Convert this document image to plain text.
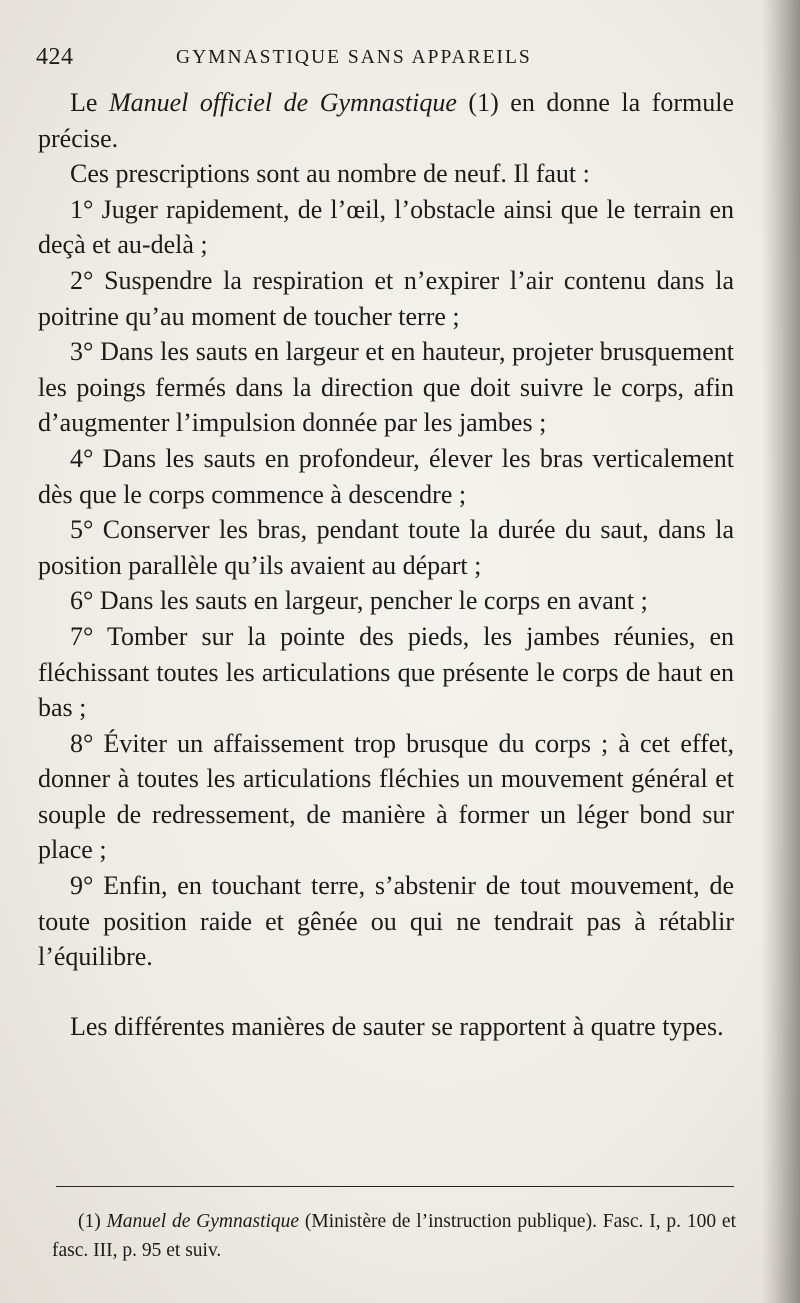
424	GYMNASTIQUE SANS APPAREILS

Le Manuel officiel de Gymnastique (1) en donne la formule précise.

Ces prescriptions sont au nombre de neuf. Il faut :

1° Juger rapidement, de l’œil, l’obstacle ainsi que le terrain en deçà et au-delà ;

2° Suspendre la respiration et n’expirer l’air contenu dans la poitrine qu’au moment de toucher terre ;

3° Dans les sauts en largeur et en hauteur, projeter brusquement les poings fermés dans la direction que doit suivre le corps, afin d’augmenter l’impulsion donnée par les jambes ;

4° Dans les sauts en profondeur, élever les bras verticalement dès que le corps commence à descendre ;

5° Conserver les bras, pendant toute la durée du saut, dans la position parallèle qu’ils avaient au départ ;

6° Dans les sauts en largeur, pencher le corps en avant ;

7° Tomber sur la pointe des pieds, les jambes réunies, en fléchissant toutes les articulations que présente le corps de haut en bas ;

8° Éviter un affaissement trop brusque du corps ; à cet effet, donner à toutes les articulations fléchies un mouvement général et souple de redressement, de manière à former un léger bond sur place ;

9° Enfin, en touchant terre, s’abstenir de tout mouvement, de toute position raide et gênée ou qui ne tendrait pas à rétablir l’équilibre.

Les différentes manières de sauter se rapportent à quatre types.

(1) Manuel de Gymnastique (Ministère de l’instruction publique). Fasc. I, p. 100 et fasc. III, p. 95 et suiv.
